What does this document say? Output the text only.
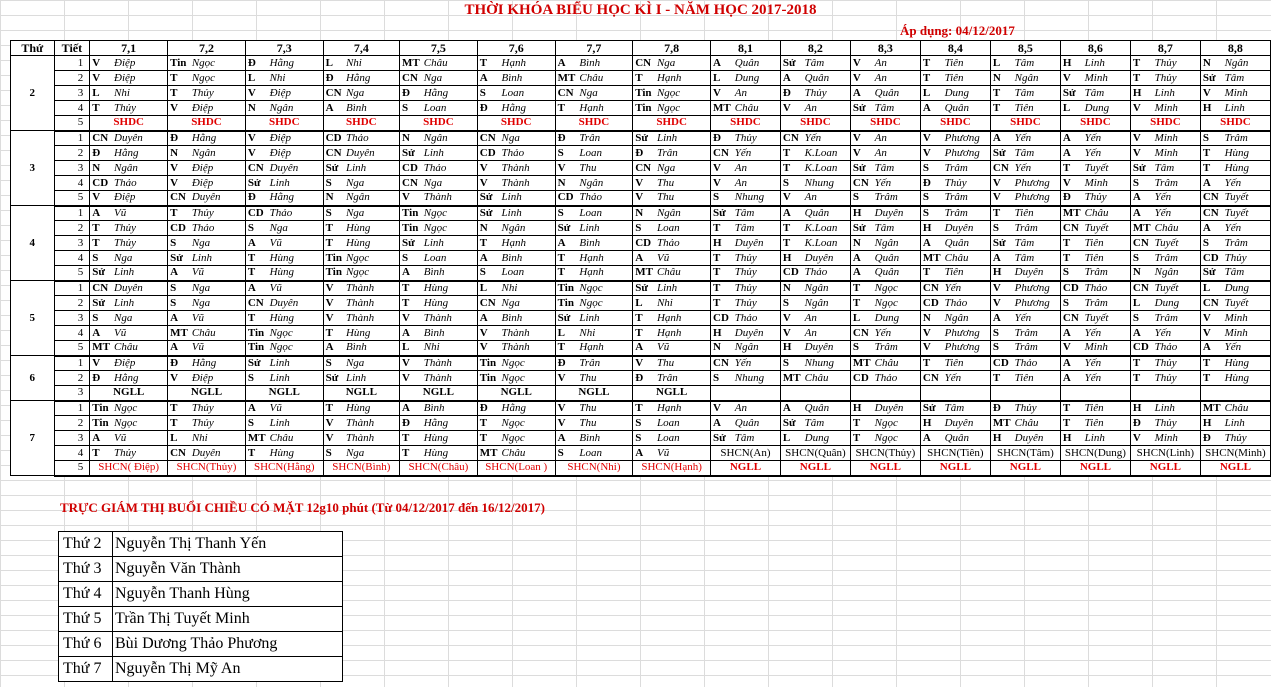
THỜI KHÓA BIỂU HỌC KÌ I - NĂM HỌC 2017-2018
Áp dụng: 04/12/2017
Thứ	Tiết	7,1		7,2		7,3		7,4		7,5		7,6		7,7		7,8		8,1		8,2		8,3		8,4		8,5		8,6		8,7		8,8	
2	1	V	Điệp	Tin	Ngọc	Đ	Hằng	L	Nhi	MT	Châu	T	Hạnh	A	Bình	CN	Nga	A	Quân	Sử	Tâm	V	An	T	Tiên	L	Tâm	H	Linh	T	Thủy	N	Ngân
	2	V	Điệp	T	Ngọc	L	Nhi	Đ	Hằng	CN	Nga	A	Bình	MT	Châu	T	Hạnh	L	Dung	A	Quân	V	An	T	Tiên	N	Ngân	V	Minh	T	Thủy	Sử	Tâm
	3	L	Nhi	T	Thủy	V	Điệp	CN	Nga	Đ	Hằng	S	Loan	CN	Nga	Tin	Ngọc	V	An	Đ	Thủy	A	Quân	L	Dung	T	Tâm	Sử	Tâm	H	Linh	V	Minh
	4	T	Thủy	V	Điệp	N	Ngân	A	Bình	S	Loan	Đ	Hằng	T	Hạnh	Tin	Ngọc	MT	Châu	V	An	Sử	Tâm	A	Quân	T	Tiên	L	Dung	V	Minh	H	Linh
	5	SHDC		SHDC		SHDC		SHDC		SHDC		SHDC		SHDC		SHDC		SHDC		SHDC		SHDC		SHDC		SHDC		SHDC		SHDC		SHDC	
3	1	CN	Duyên	Đ	Hằng	V	Điệp	CD	Thảo	N	Ngân	CN	Nga	Đ	Trân	Sử	Linh	Đ	Thủy	CN	Yến	V	An	V	Phương	A	Yến	A	Yến	V	Minh	S	Trâm
	2	Đ	Hằng	N	Ngân	V	Điệp	CN	Duyên	Sử	Linh	CD	Thảo	S	Loan	Đ	Trân	CN	Yến	T	K.Loan	V	An	V	Phương	Sử	Tâm	A	Yến	V	Minh	T	Hùng
	3	N	Ngân	V	Điệp	CN	Duyên	Sử	Linh	CD	Thảo	V	Thành	V	Thu	CN	Nga	V	An	T	K.Loan	Sử	Tâm	S	Trâm	CN	Yến	T	Tuyết	Sử	Tâm	T	Hùng
	4	CD	Thảo	V	Điệp	Sử	Linh	S	Nga	CN	Nga	V	Thành	N	Ngân	V	Thu	V	An	S	Nhung	CN	Yến	Đ	Thủy	V	Phương	V	Minh	S	Trâm	A	Yến
	5	V	Điệp	CN	Duyên	Đ	Hằng	N	Ngân	V	Thành	Sử	Linh	CD	Thảo	V	Thu	S	Nhung	V	An	S	Trâm	S	Trâm	V	Phương	Đ	Thủy	A	Yến	CN	Tuyết
4	1	A	Vũ	T	Thủy	CD	Thảo	S	Nga	Tin	Ngọc	Sử	Linh	S	Loan	N	Ngân	Sử	Tâm	A	Quân	H	Duyên	S	Trâm	T	Tiên	MT	Châu	A	Yến	CN	Tuyết
	2	T	Thủy	CD	Thảo	S	Nga	T	Hùng	Tin	Ngọc	N	Ngân	Sử	Linh	S	Loan	T	Tâm	T	K.Loan	Sử	Tâm	H	Duyên	S	Trâm	CN	Tuyết	MT	Châu	A	Yến
	3	T	Thủy	S	Nga	A	Vũ	T	Hùng	Sử	Linh	T	Hạnh	A	Bình	CD	Thảo	H	Duyên	T	K.Loan	N	Ngân	A	Quân	Sử	Tâm	T	Tiên	CN	Tuyết	S	Trâm
	4	S	Nga	Sử	Linh	T	Hùng	Tin	Ngọc	S	Loan	A	Bình	T	Hạnh	A	Vũ	T	Thủy	H	Duyên	A	Quân	MT	Châu	A	Tâm	T	Tiên	S	Trâm	CD	Thủy
	5	Sử	Linh	A	Vũ	T	Hùng	Tin	Ngọc	A	Bình	S	Loan	T	Hạnh	MT	Châu	T	Thủy	CD	Thảo	A	Quân	T	Tiên	H	Duyên	S	Trâm	N	Ngân	Sử	Tâm
5	1	CN	Duyên	S	Nga	A	Vũ	V	Thành	T	Hùng	L	Nhi	Tin	Ngọc	Sử	Linh	T	Thủy	N	Ngân	T	Ngọc	CN	Yến	V	Phương	CD	Thảo	CN	Tuyết	L	Dung
	2	Sử	Linh	S	Nga	CN	Duyên	V	Thành	T	Hùng	CN	Nga	Tin	Ngọc	L	Nhi	T	Thủy	S	Ngân	T	Ngọc	CD	Thảo	V	Phương	S	Trâm	L	Dung	CN	Tuyết
	3	S	Nga	A	Vũ	T	Hùng	V	Thành	V	Thành	A	Bình	Sử	Linh	T	Hạnh	CD	Thảo	V	An	L	Dung	N	Ngân	A	Yến	CN	Tuyết	S	Trâm	V	Minh
	4	A	Vũ	MT	Châu	Tin	Ngọc	T	Hùng	A	Bình	V	Thành	L	Nhi	T	Hạnh	H	Duyên	V	An	CN	Yến	V	Phương	S	Trâm	A	Yến	A	Yến	V	Minh
	5	MT	Châu	A	Vũ	Tin	Ngọc	A	Bình	L	Nhi	V	Thành	T	Hạnh	A	Vũ	N	Ngân	H	Duyên	S	Trâm	V	Phương	S	Trâm	V	Minh	CD	Thảo	A	Yến
6	1	V	Điệp	Đ	Hằng	Sử	Linh	S	Nga	V	Thành	Tin	Ngọc	Đ	Trân	V	Thu	CN	Yến	S	Nhung	MT	Châu	T	Tiên	CD	Thảo	A	Yến	T	Thủy	T	Hùng
	2	Đ	Hằng	V	Điệp	S	Linh	Sử	Linh	V	Thành	Tin	Ngọc	V	Thu	Đ	Trân	S	Nhung	MT	Châu	CD	Thảo	CN	Yến	T	Tiên	A	Yến	T	Thủy	T	Hùng
	3	NGLL		NGLL		NGLL		NGLL		NGLL		NGLL		NGLL		NGLL																	
7	1	Tin	Ngọc	T	Thủy	A	Vũ	T	Hùng	A	Bình	Đ	Hằng	V	Thu	T	Hạnh	V	An	A	Quân	H	Duyên	Sử	Tâm	Đ	Thủy	T	Tiên	H	Linh	MT	Châu
	2	Tin	Ngọc	T	Thủy	S	Linh	V	Thành	Đ	Hằng	T	Ngọc	V	Thu	S	Loan	A	Quân	Sử	Tâm	T	Ngọc	H	Duyên	MT	Châu	T	Tiên	Đ	Thủy	H	Linh
	3	A	Vũ	L	Nhi	MT	Châu	V	Thành	T	Hùng	T	Ngọc	A	Bình	S	Loan	Sử	Tâm	L	Dung	T	Ngọc	A	Quân	H	Duyên	H	Linh	V	Minh	Đ	Thủy
	4	T	Thủy	CN	Duyên	T	Hùng	S	Nga	T	Hùng	MT	Châu	S	Loan	A	Vũ	SHCN(An)		SHCN(Quân)		SHCN(Thủy)		SHCN(Tiên)		SHCN(Tâm)		SHCN(Dung)		SHCN(Linh)		SHCN(Minh)	
	5	SHCN( Điệp)		SHCN(Thủy)		SHCN(Hằng)		SHCN(Bình)		SHCN(Châu)		SHCN(Loan )		SHCN(Nhi)		SHCN(Hạnh)		NGLL		NGLL		NGLL		NGLL		NGLL		NGLL		NGLL		NGLL	
TRỰC GIÁM THỊ BUỔI CHIỀU CÓ MẶT 12g10 phút (Từ 04/12/2017 đến 16/12/2017)
Thứ 2	Nguyễn Thị Thanh Yến
Thứ 3	Nguyễn Văn Thành
Thứ 4	Nguyễn Thanh Hùng
Thứ 5	Trần Thị Tuyết Minh
Thứ 6	Bùi Dương Thảo Phương
Thứ 7	Nguyễn Thị Mỹ An
